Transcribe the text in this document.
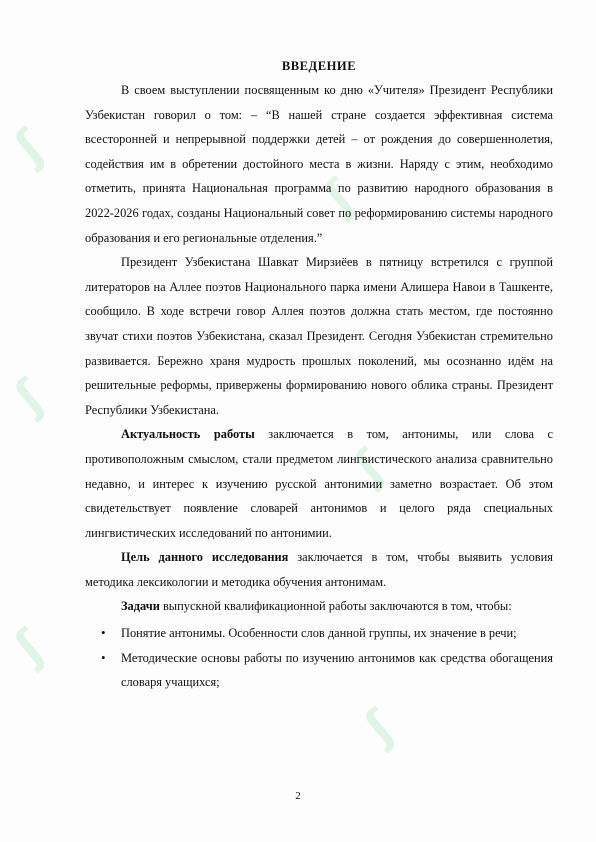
ʃ
ʃ
ʃ
ʃ
ʃ
ʃ
ВВЕДЕНИЕ

В своем выступлении посвященным ко дню «Учителя» Президент Республики Узбекистан говорил о том: – “В нашей стране создается эффективная система всесторонней и непрерывной поддержки детей – от рождения до совершеннолетия, содействия им в обретении достойного места в жизни. Наряду с этим, необходимо отметить, принята Национальная программа по развитию народного образования в 2022-2026 годах, созданы Национальный совет по реформированию системы народного образования и его региональные отделения.”

Президент Узбекистана Шавкат Мирзиёев в пятницу встретился с группой литераторов на Аллее поэтов Национального парка имени Алишера Навои в Ташкенте, сообщило. В ходе встречи говор Аллея поэтов должна стать местом, где постоянно звучат стихи поэтов Узбекистана, сказал Президент. Сегодня Узбекистан стремительно развивается. Бережно храня мудрость прошлых поколений, мы осознанно идём на решительные реформы, привержены формированию нового облика страны. Президент Республики Узбекистана.

Актуальность работы заключается в том, антонимы, или слова с противоположным смыслом, стали предметом лингвистического анализа сравнительно недавно, и интерес к изучению русской антонимии заметно возрастает. Об этом свидетельствует появление словарей антонимов и целого ряда специальных лингвистических исследований по антонимии.

Цель данного исследования заключается в том, чтобы выявить условия методика лексикологии и методика обучения антонимам.

Задачи выпускной квалификационной работы заключаются в том, чтобы:

• Понятие антонимы. Особенности слов данной группы, их значение в речи;
• Методические основы работы по изучению антонимов как средства обогащения словаря учащихся;
2
